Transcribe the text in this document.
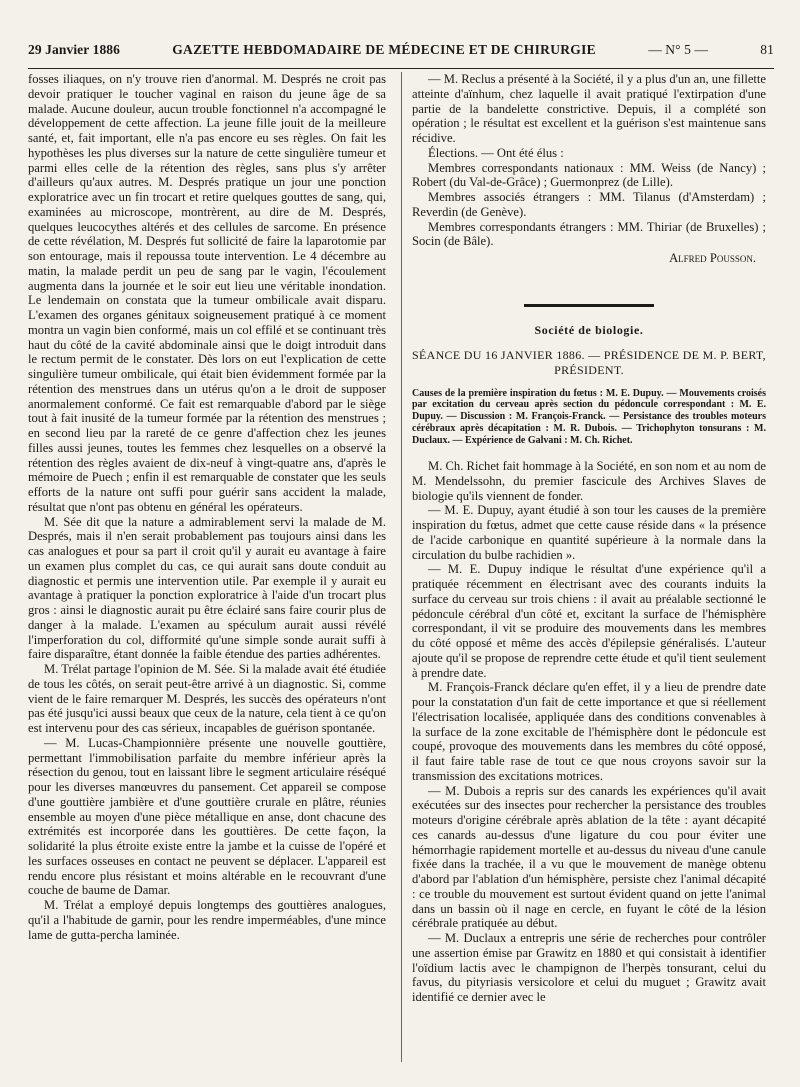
29 Janvier 1886	GAZETTE HEBDOMADAIRE DE MÉDECINE ET DE CHIRURGIE	— N° 5 —	81

fosses iliaques, on n'y trouve rien d'anormal. M. Després ne croit pas devoir pratiquer le toucher vaginal en raison du jeune âge de sa malade. Aucune douleur, aucun trouble fonctionnel n'a accompagné le développement de cette affection. La jeune fille jouit de la meilleure santé, et, fait important, elle n'a pas encore eu ses règles. On fait les hypothèses les plus diverses sur la nature de cette singulière tumeur et parmi elles celle de la rétention des règles, sans plus s'y arrêter d'ailleurs qu'aux autres. M. Després pratique un jour une ponction exploratrice avec un fin trocart et retire quelques gouttes de sang, qui, examinées au microscope, montrèrent, au dire de M. Després, quelques leucocythes altérés et des cellules de sarcome. En présence de cette révélation, M. Després fut sollicité de faire la laparotomie par son entourage, mais il repoussa toute intervention. Le 4 décembre au matin, la malade perdit un peu de sang par le vagin, l'écoulement augmenta dans la journée et le soir eut lieu une véritable inondation. Le lendemain on constata que la tumeur ombilicale avait disparu. L'examen des organes génitaux soigneusement pratiqué à ce moment montra un vagin bien conformé, mais un col effilé et se continuant très haut du côté de la cavité abdominale ainsi que le doigt introduit dans le rectum permit de le constater. Dès lors on eut l'explication de cette singulière tumeur ombilicale, qui était bien évidemment formée par la rétention des menstrues dans un utérus qu'on a le droit de supposer anormalement conformé. Ce fait est remarquable d'abord par le siège tout à fait inusité de la tumeur formée par la rétention des menstrues ; en second lieu par la rareté de ce genre d'affection chez les jeunes filles aussi jeunes, toutes les femmes chez lesquelles on a observé la rétention des règles avaient de dix-neuf à vingt-quatre ans, d'après le mémoire de Puech ; enfin il est remarquable de constater que les seuls efforts de la nature ont suffi pour guérir sans accident la malade, résultat que n'ont pas obtenu en général les opérateurs.

M. Sée dit que la nature a admirablement servi la malade de M. Després, mais il n'en serait probablement pas toujours ainsi dans les cas analogues et pour sa part il croit qu'il y aurait eu avantage à faire un examen plus complet du cas, ce qui aurait sans doute conduit au diagnostic et permis une intervention utile. Par exemple il y aurait eu avantage à pratiquer la ponction exploratrice à l'aide d'un trocart plus gros : ainsi le diagnostic aurait pu être éclairé sans faire courir plus de danger à la malade. L'examen au spéculum aurait aussi révélé l'imperforation du col, difformité qu'une simple sonde aurait suffi à faire disparaître, étant donnée la faible étendue des parties adhérentes.

M. Trélat partage l'opinion de M. Sée. Si la malade avait été étudiée de tous les côtés, on serait peut-être arrivé à un diagnostic. Si, comme vient de le faire remarquer M. Després, les succès des opérateurs n'ont pas été jusqu'ici aussi beaux que ceux de la nature, cela tient à ce qu'on est intervenu pour des cas sérieux, incapables de guérison spontanée.

— M. Lucas-Championnière présente une nouvelle gouttière, permettant l'immobilisation parfaite du membre inférieur après la résection du genou, tout en laissant libre le segment articulaire réséqué pour les diverses manœuvres du pansement. Cet appareil se compose d'une gouttière jambière et d'une gouttière crurale en plâtre, réunies ensemble au moyen d'une pièce métallique en anse, dont chacune des extrémités est incorporée dans les gouttières. De cette façon, la solidarité la plus étroite existe entre la jambe et la cuisse de l'opéré et les surfaces osseuses en contact ne peuvent se déplacer. L'appareil est rendu encore plus résistant et moins altérable en le recouvrant d'une couche de baume de Damar.

M. Trélat a employé depuis longtemps des gouttières analogues, qu'il a l'habitude de garnir, pour les rendre imperméables, d'une mince lame de gutta-percha laminée.

— M. Reclus a présenté à la Société, il y a plus d'un an, une fillette atteinte d'aïnhum, chez laquelle il avait pratiqué l'extirpation d'une partie de la bandelette constrictive. Depuis, il a complété son opération ; le résultat est excellent et la guérison s'est maintenue sans récidive.

Élections. — Ont été élus :

Membres correspondants nationaux : MM. Weiss (de Nancy) ; Robert (du Val-de-Grâce) ; Guermonprez (de Lille).

Membres associés étrangers : MM. Tilanus (d'Amsterdam) ; Reverdin (de Genève).

Membres correspondants étrangers : MM. Thiriar (de Bruxelles) ; Socin (de Bâle).

Alfred Pousson.
Société de biologie.
SÉANCE DU 16 JANVIER 1886. — PRÉSIDENCE DE M. P. BERT, PRÉSIDENT.
Causes de la première inspiration du fœtus : M. E. Dupuy. — Mouvements croisés par excitation du cerveau après section du pédoncule correspondant : M. E. Dupuy. — Discussion : M. François-Franck. — Persistance des troubles moteurs cérébraux après décapitation : M. R. Dubois. — Trichophyton tonsurans : M. Duclaux. — Expérience de Galvani : M. Ch. Richet.

M. Ch. Richet fait hommage à la Société, en son nom et au nom de M. Mendelssohn, du premier fascicule des Archives Slaves de biologie qu'ils viennent de fonder.

— M. E. Dupuy, ayant étudié à son tour les causes de la première inspiration du fœtus, admet que cette cause réside dans « la présence de l'acide carbonique en quantité supérieure à la normale dans la circulation du bulbe rachidien ».

— M. E. Dupuy indique le résultat d'une expérience qu'il a pratiquée récemment en électrisant avec des courants induits la surface du cerveau sur trois chiens : il avait au préalable sectionné le pédoncule cérébral d'un côté et, excitant la surface de l'hémisphère correspondant, il vit se produire des mouvements dans les membres du côté opposé et même des accès d'épilepsie généralisés. L'auteur ajoute qu'il se propose de reprendre cette étude et qu'il tient seulement à prendre date.

M. François-Franck déclare qu'en effet, il y a lieu de prendre date pour la constatation d'un fait de cette importance et que si réellement l'électrisation localisée, appliquée dans des conditions convenables à la surface de la zone excitable de l'hémisphère dont le pédoncule est coupé, provoque des mouvements dans les membres du côté opposé, il faut faire table rase de tout ce que nous croyons savoir sur la transmission des excitations motrices.

— M. Dubois a repris sur des canards les expériences qu'il avait exécutées sur des insectes pour rechercher la persistance des troubles moteurs d'origine cérébrale après ablation de la tête : ayant décapité ces canards au-dessus d'une ligature du cou pour éviter une hémorrhagie rapidement mortelle et au-dessus du niveau d'une canule fixée dans la trachée, il a vu que le mouvement de manège obtenu d'abord par l'ablation d'un hémisphère, persiste chez l'animal décapité : ce trouble du mouvement est surtout évident quand on jette l'animal dans un bassin où il nage en cercle, en fuyant le côté de la lésion cérébrale pratiquée au début.

— M. Duclaux a entrepris une série de recherches pour contrôler une assertion émise par Grawitz en 1880 et qui consistait à identifier l'oïdium lactis avec le champignon de l'herpès tonsurant, celui du favus, du pityriasis versicolore et celui du muguet ; Grawitz avait identifié ce dernier avec le
